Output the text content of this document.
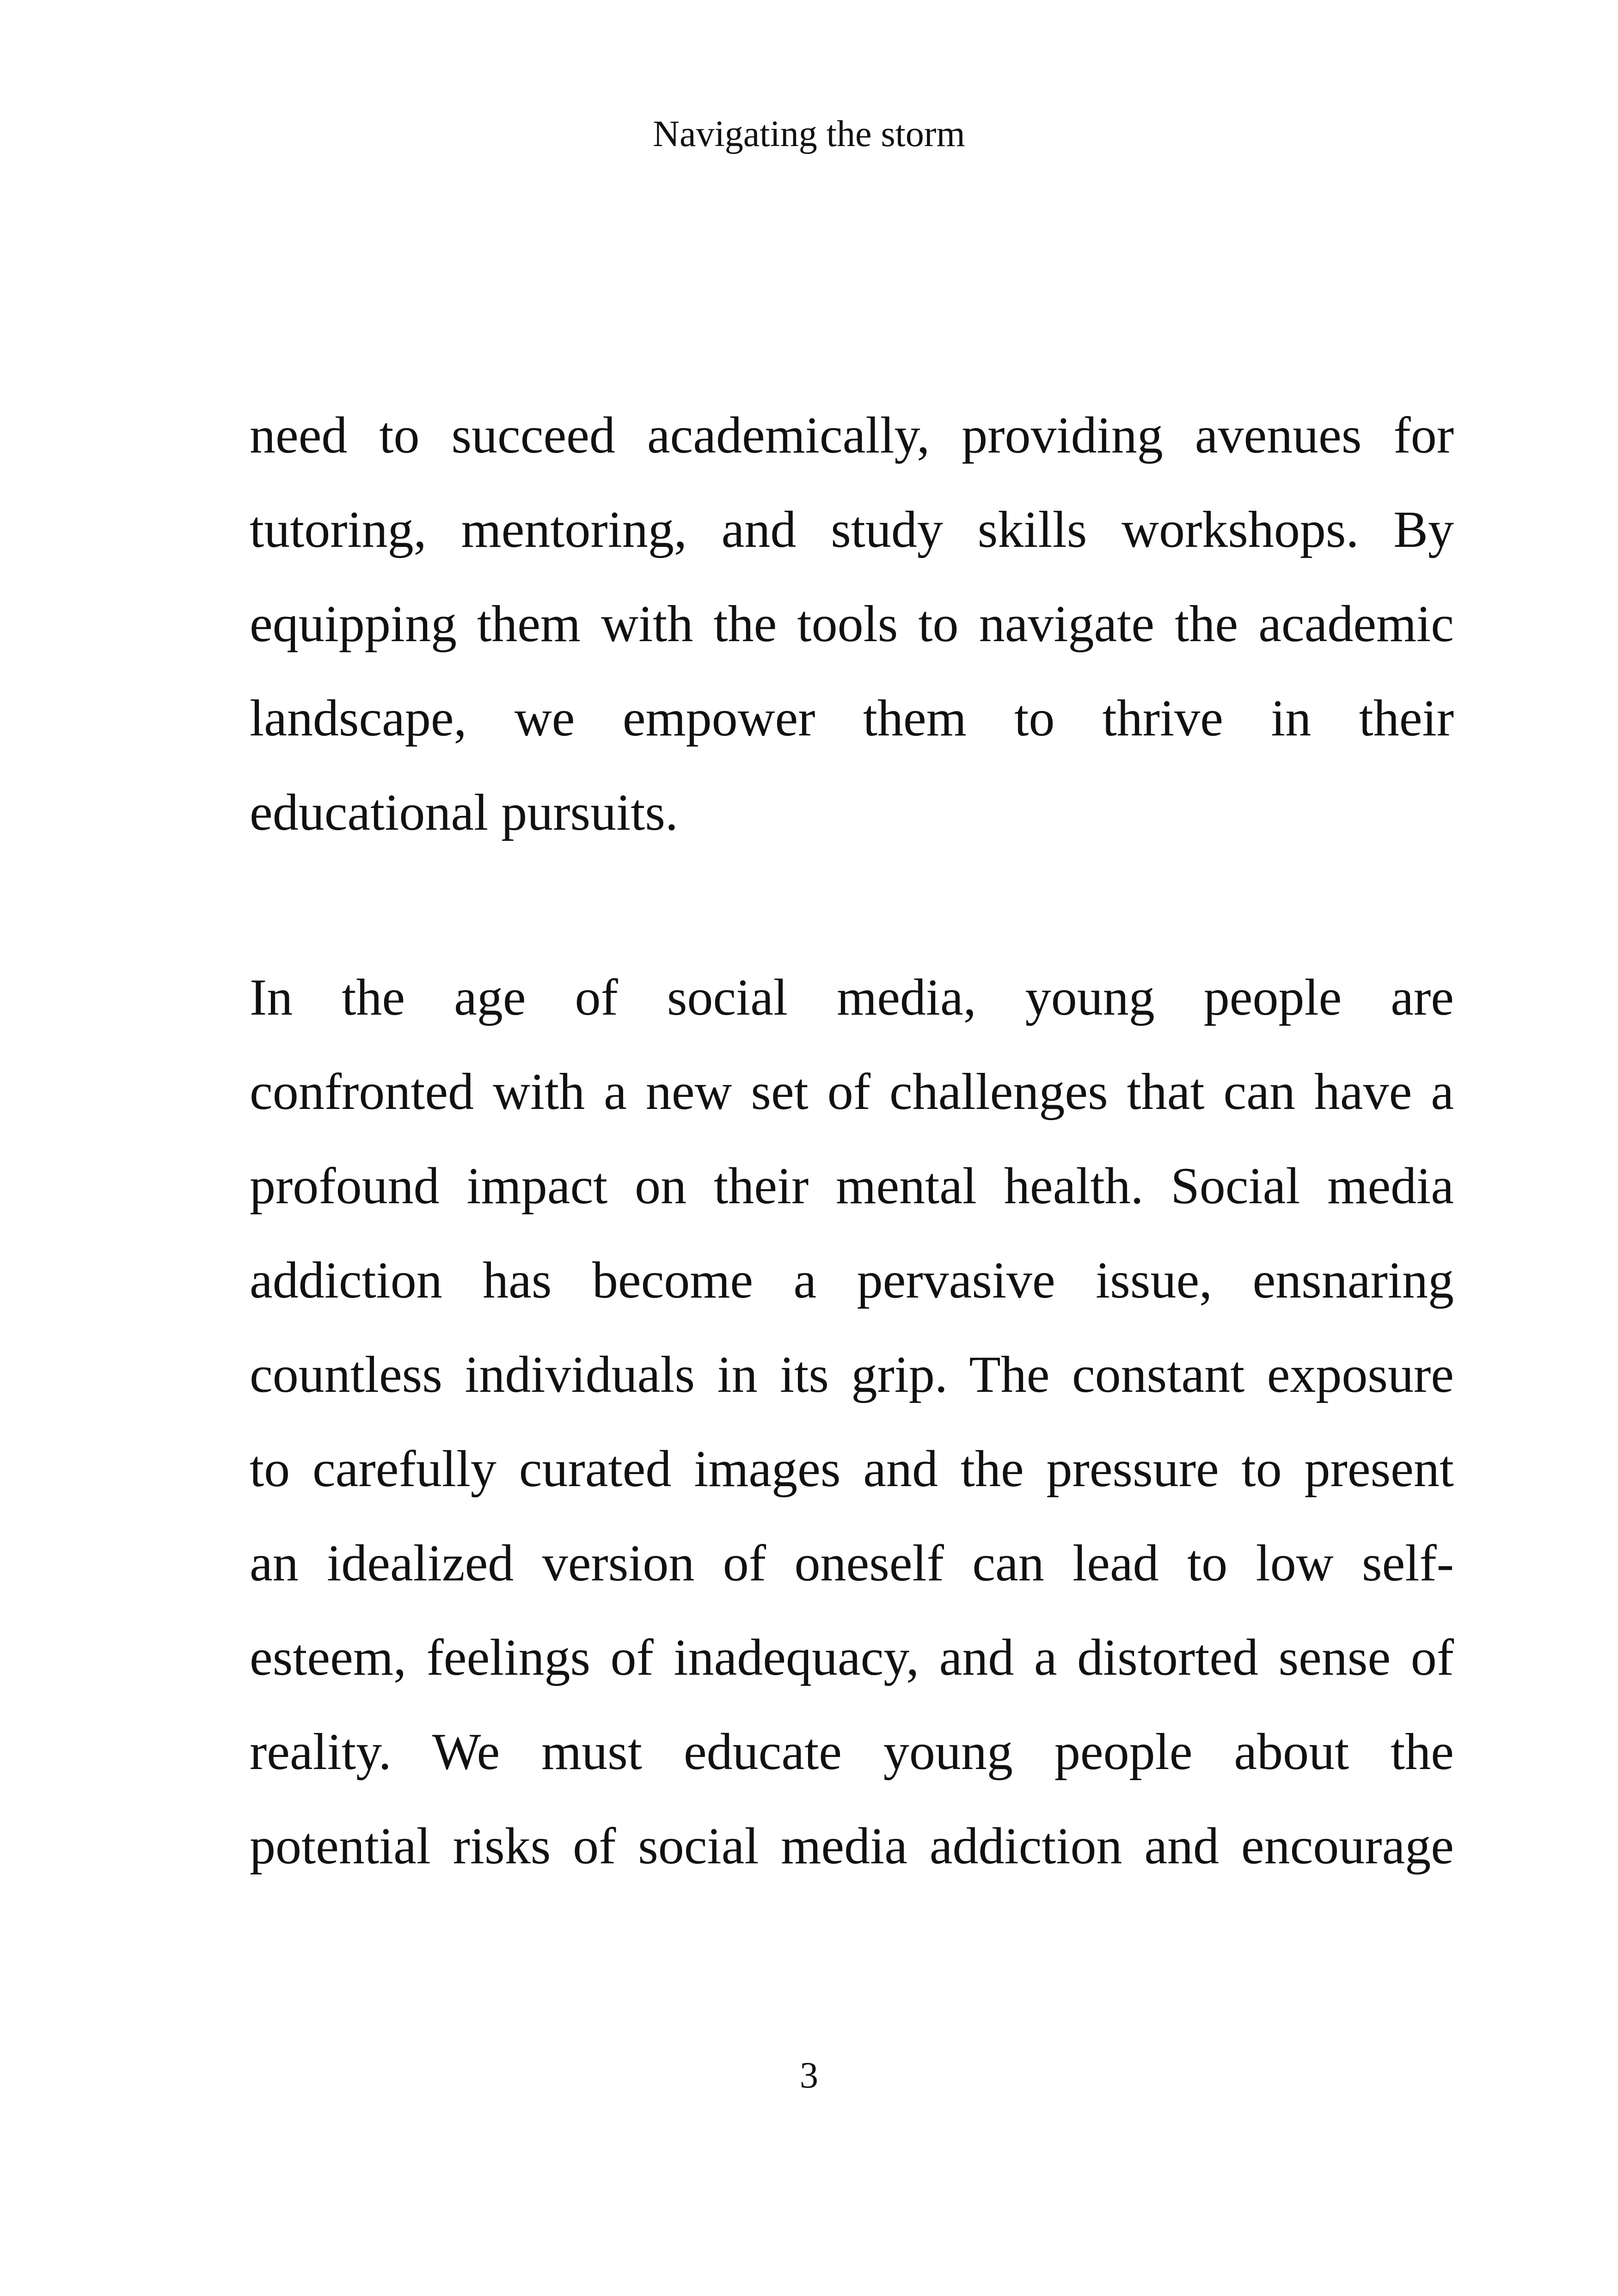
Navigating the storm
need to succeed academically, providing avenues for
tutoring, mentoring, and study skills workshops. By
equipping them with the tools to navigate the academic
landscape, we empower them to thrive in their
educational pursuits.
In the age of social media, young people are
confronted with a new set of challenges that can have a
profound impact on their mental health. Social media
addiction has become a pervasive issue, ensnaring
countless individuals in its grip. The constant exposure
to carefully curated images and the pressure to present
an idealized version of oneself can lead to low self-
esteem, feelings of inadequacy, and a distorted sense of
reality. We must educate young people about the
potential risks of social media addiction and encourage
3
